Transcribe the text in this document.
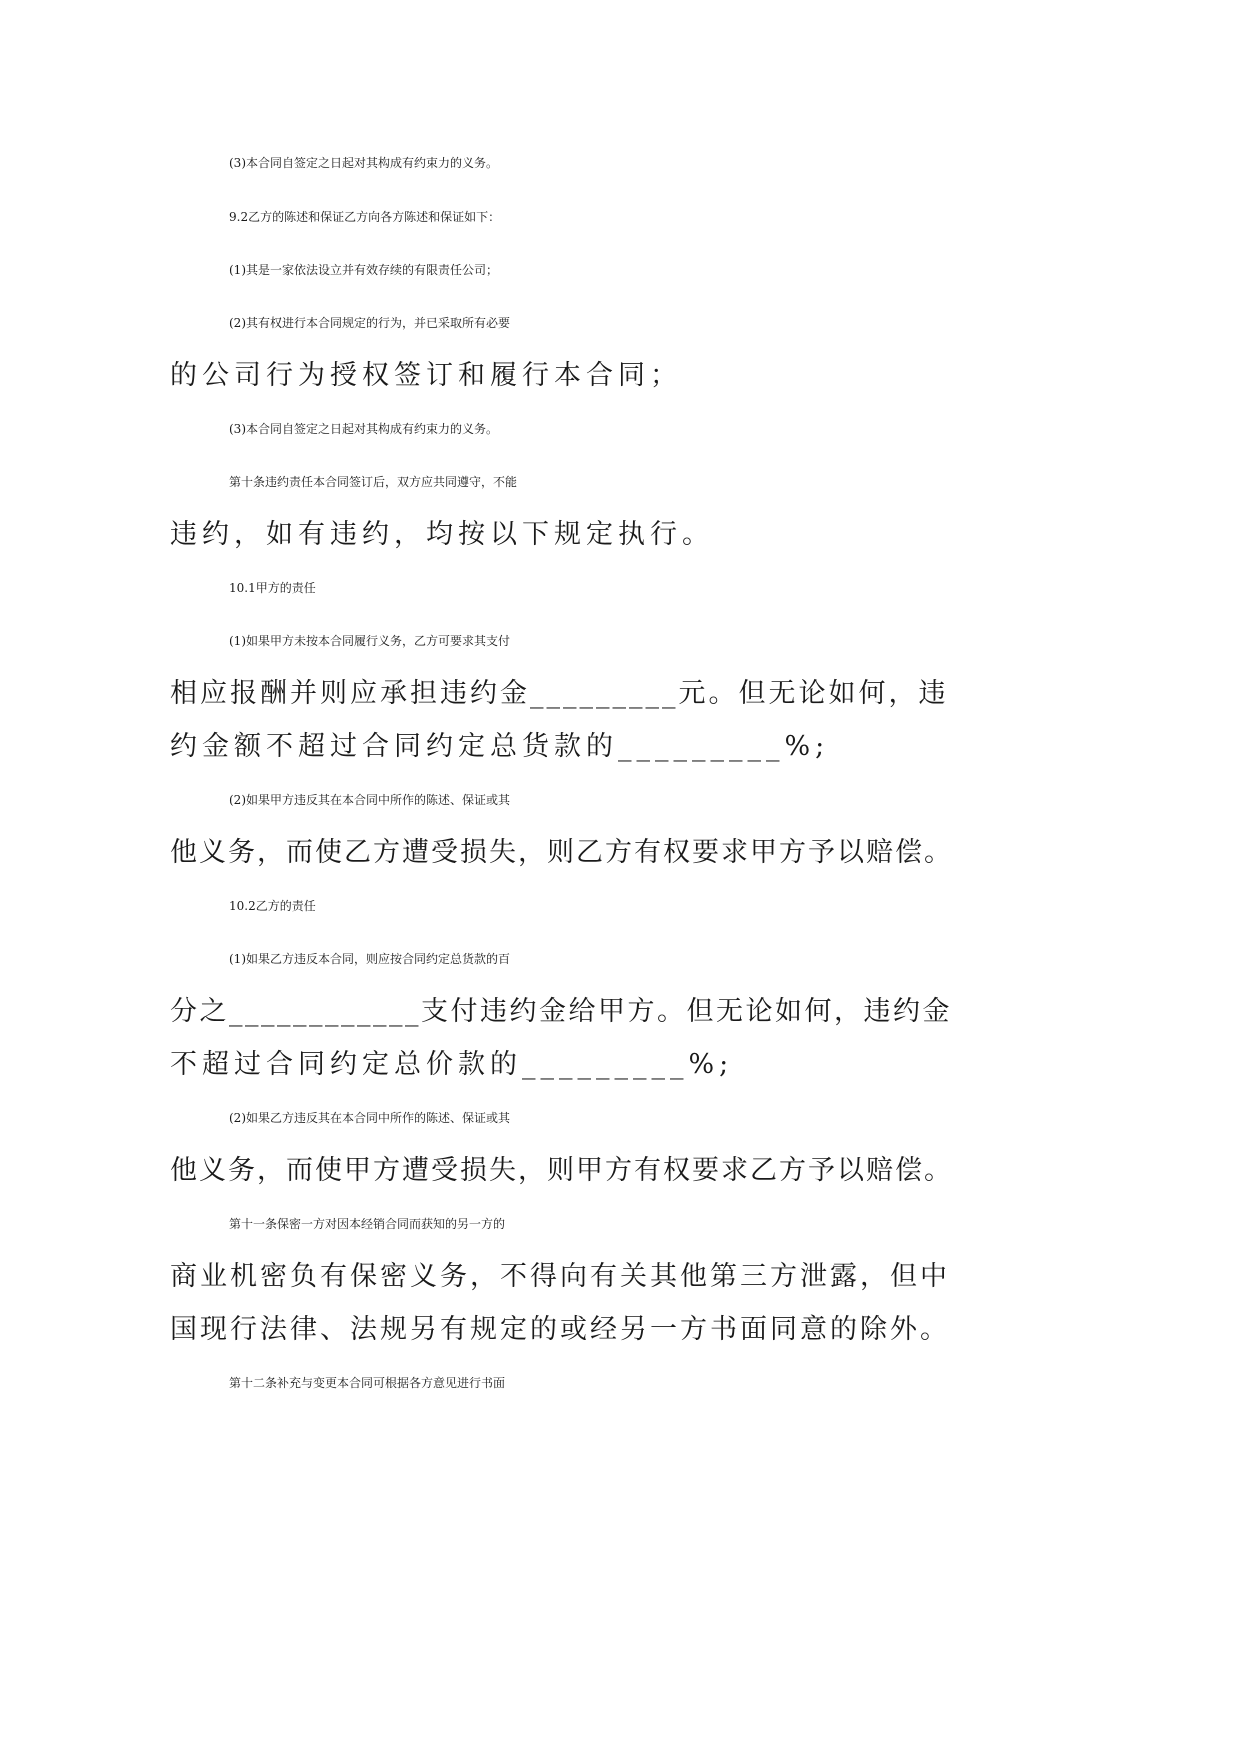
(3)本合同自签定之日起对其构成有约束力的义务。
9.2乙方的陈述和保证乙方向各方陈述和保证如下：
(1)其是一家依法设立并有效存续的有限责任公司；
(2)其有权进行本合同规定的行为，并已采取所有必要
的公司行为授权签订和履行本合同；
(3)本合同自签定之日起对其构成有约束力的义务。
第十条违约责任本合同签订后，双方应共同遵守，不能
违约，如有违约，均按以下规定执行。
10.1甲方的责任
(1)如果甲方未按本合同履行义务，乙方可要求其支付
相应报酬并则应承担违约金_________元。但无论如何，违
约金额不超过合同约定总货款的_________%;
(2)如果甲方违反其在本合同中所作的陈述、保证或其
他义务，而使乙方遭受损失，则乙方有权要求甲方予以赔偿。
10.2乙方的责任
(1)如果乙方违反本合同，则应按合同约定总货款的百
分之____________支付违约金给甲方。但无论如何，违约金
不超过合同约定总价款的_________%;
(2)如果乙方违反其在本合同中所作的陈述、保证或其
他义务，而使甲方遭受损失，则甲方有权要求乙方予以赔偿。
第十一条保密一方对因本经销合同而获知的另一方的
商业机密负有保密义务，不得向有关其他第三方泄露，但中
国现行法律、法规另有规定的或经另一方书面同意的除外。
第十二条补充与变更本合同可根据各方意见进行书面
